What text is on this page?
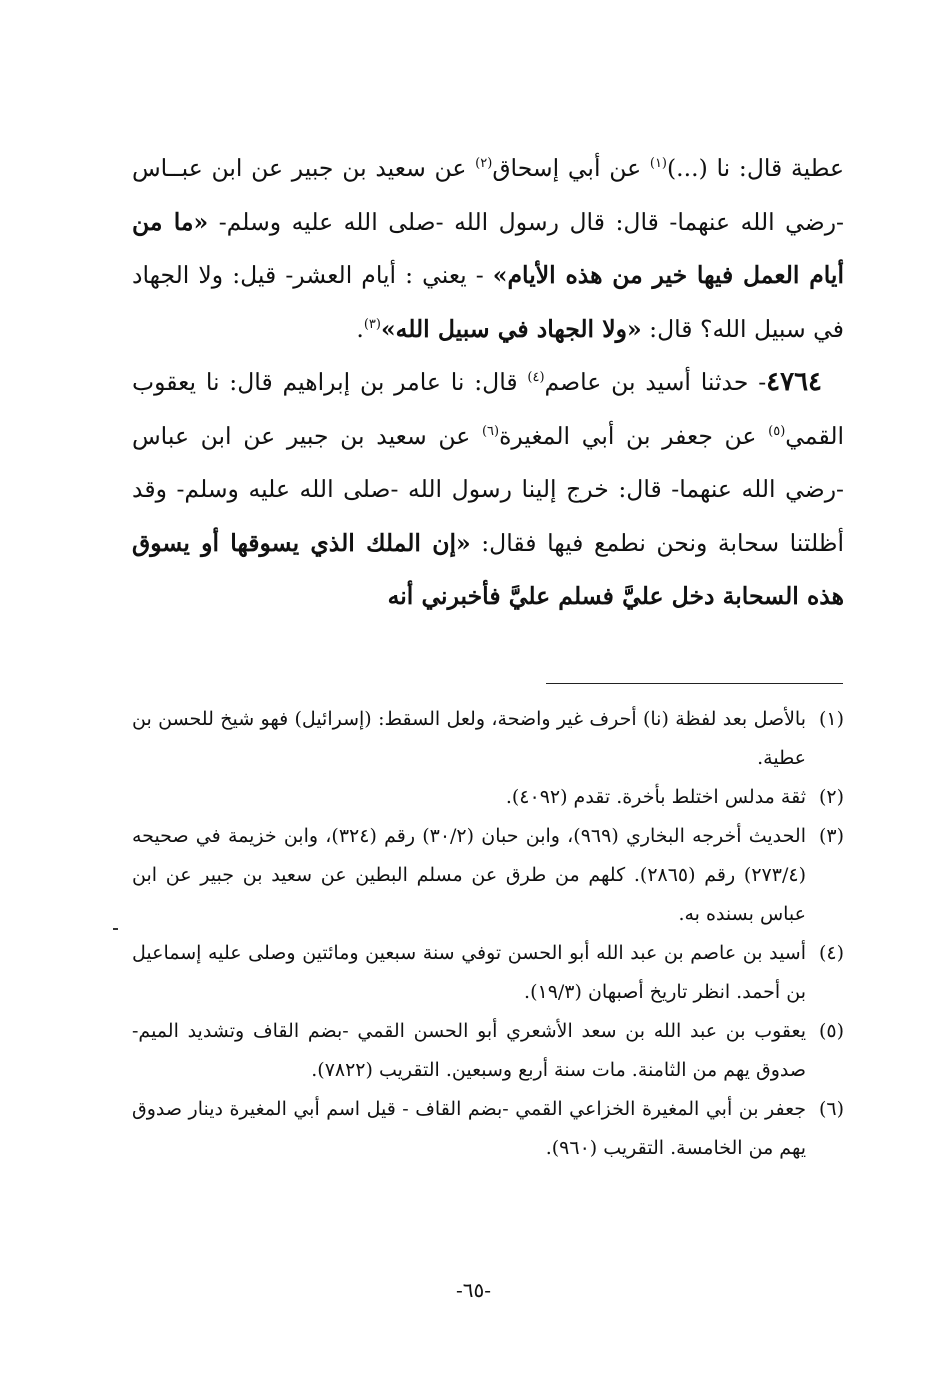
عطية قال: نا (...)$^{(١)}$ عن أبي إسحاق$^{(٢)}$ عن سعيد بن جبير عن ابن عبــاس -رضي الله عنهما- قال: قال رسول الله -صلى الله عليه وسلم- «ما من أيام العمل فيها خير من هذه الأيام» - يعني : أيام العشر- قيل: ولا الجهاد في سبيل الله؟ قال: «ولا الجهاد في سبيل الله»$^{(٣)}$.

٤٧٦٤- حدثنا أسيد بن عاصم$^{(٤)}$ قال: نا عامر بن إبراهيم قال: نا يعقوب القمي$^{(٥)}$ عن جعفر بن أبي المغيرة$^{(٦)}$ عن سعيد بن جبير عن ابن عباس -رضي الله عنهما- قال: خرج إلينا رسول الله -صلى الله عليه وسلم- وقد أظلتنا سحابة ونحن نطمع فيها فقال: «إن الملك الذي يسوقها أو يسوق هذه السحابة دخل عليَّ فسلم عليَّ فأخبرني أنه

(١)
بالأصل بعد لفظة (نا) أحرف غير واضحة، ولعل السقط: (إسرائيل) فهو شيخ للحسن بن عطية.
(٢)
ثقة مدلس اختلط بأخرة. تقدم (٤٠٩٢).
(٣)
الحديث أخرجه البخاري (٩٦٩)، وابن حبان (٣٠/٢) رقم (٣٢٤)، وابن خزيمة في صحيحه (٢٧٣/٤) رقم (٢٨٦٥). كلهم من طرق عن مسلم البطين عن سعيد بن جبير عن ابن عباس بسنده به.
(٤)
أسيد بن عاصم بن عبد الله أبو الحسن توفي سنة سبعين ومائتين وصلى عليه إسماعيل بن أحمد. انظر تاريخ أصبهان (١٩/٣).
(٥)
يعقوب بن عبد الله بن سعد الأشعري أبو الحسن القمي -بضم القاف وتشديد الميم- صدوق يهم من الثامنة. مات سنة أربع وسبعين. التقريب (٧٨٢٢).
(٦)
جعفر بن أبي المغيرة الخزاعي القمي -بضم القاف - قيل اسم أبي المغيرة دينار صدوق يهم من الخامسة. التقريب (٩٦٠).
-٦٥-
